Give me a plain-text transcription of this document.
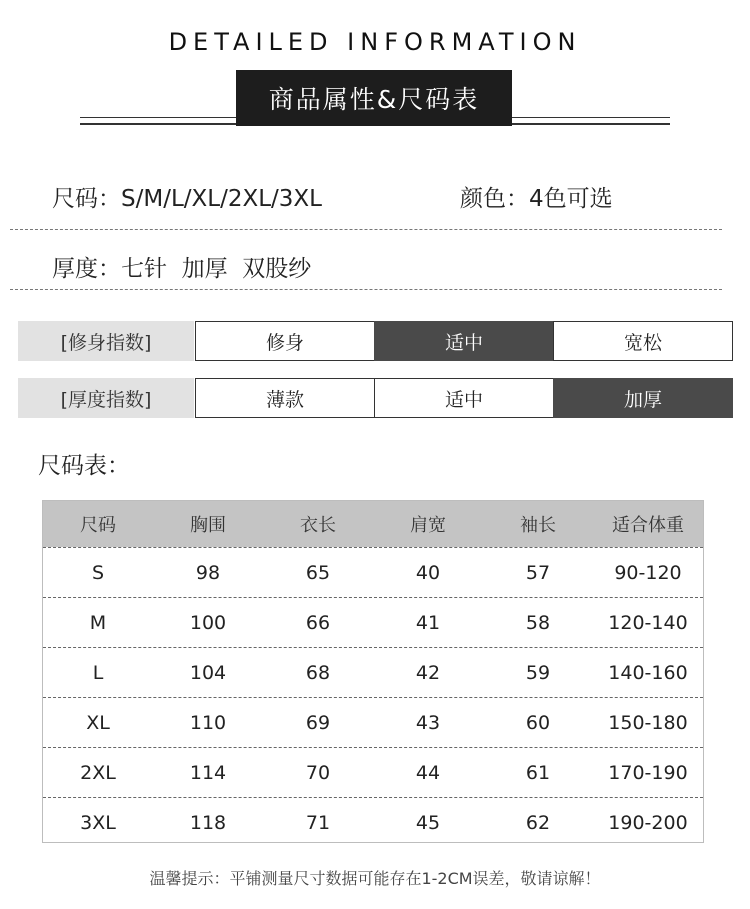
DETAILED INFORMATION
商品属性&尺码表
尺码：S/M/L/XL/2XL/3XL	颜色：4色可选
厚度：七针  加厚  双股纱
[修身指数]	修身	适中	宽松
[厚度指数]	薄款	适中	加厚
尺码表：
尺码	胸围	衣长	肩宽	袖长	适合体重
S	98	65	40	57	90-120
M	100	66	41	58	120-140
L	104	68	42	59	140-160
XL	110	69	43	60	150-180
2XL	114	70	44	61	170-190
3XL	118	71	45	62	190-200
温馨提示：平铺测量尺寸数据可能存在1-2CM误差，敬请谅解！
